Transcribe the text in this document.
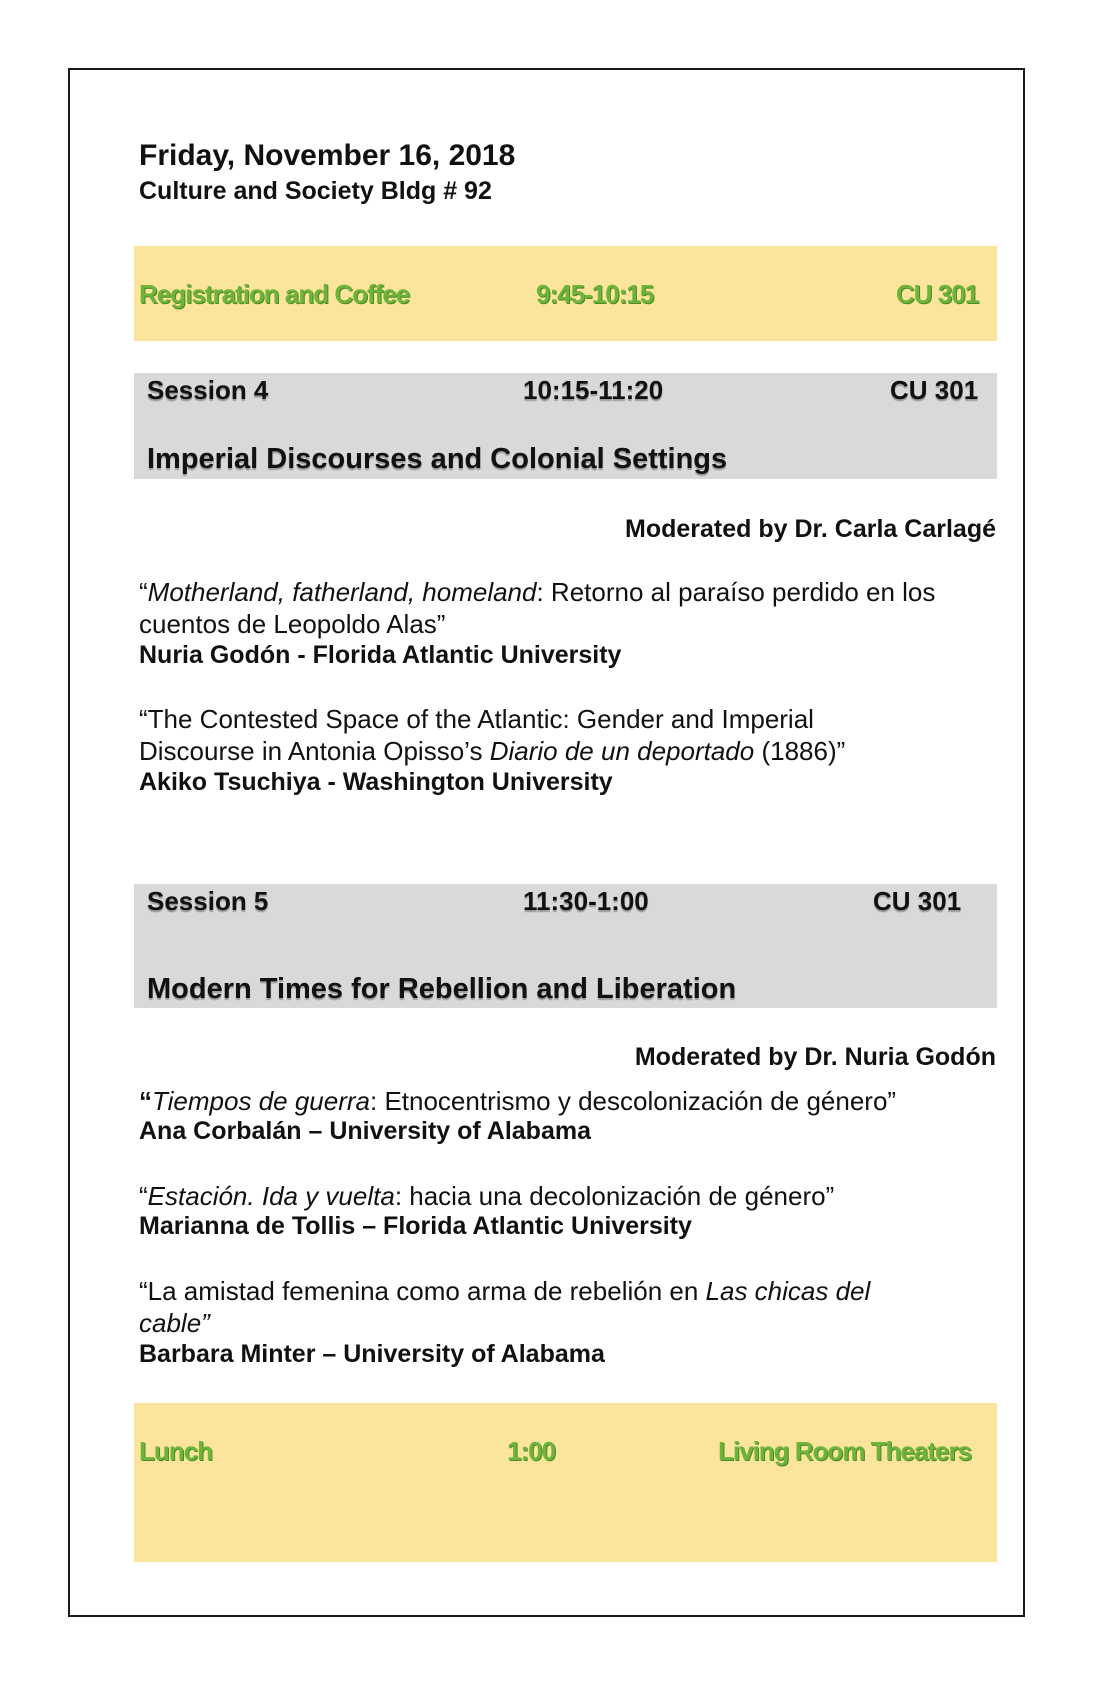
Friday, November 16, 2018
Culture and Society Bldg # 92
Registration and Coffee	9:45-10:15	CU 301
Session 4	10:15-11:20	CU 301
Imperial Discourses and Colonial Settings
Moderated by Dr. Carla Carlagé
“Motherland, fatherland, homeland: Retorno al paraíso perdido en los cuentos de Leopoldo Alas”
Nuria Godón - Florida Atlantic University
“The Contested Space of the Atlantic: Gender and Imperial Discourse in Antonia Opisso’s Diario de un deportado (1886)”
Akiko Tsuchiya - Washington University
Session 5	11:30-1:00	CU 301
Modern Times for Rebellion and Liberation
Moderated by Dr. Nuria Godón
“Tiempos de guerra: Etnocentrismo y descolonización de género”
Ana Corbalán – University of Alabama
“Estación. Ida y vuelta: hacia una decolonización de género”
Marianna de Tollis – Florida Atlantic University
“La amistad femenina como arma de rebelión en Las chicas del cable”
Barbara Minter – University of Alabama
Lunch	1:00	Living Room Theaters
